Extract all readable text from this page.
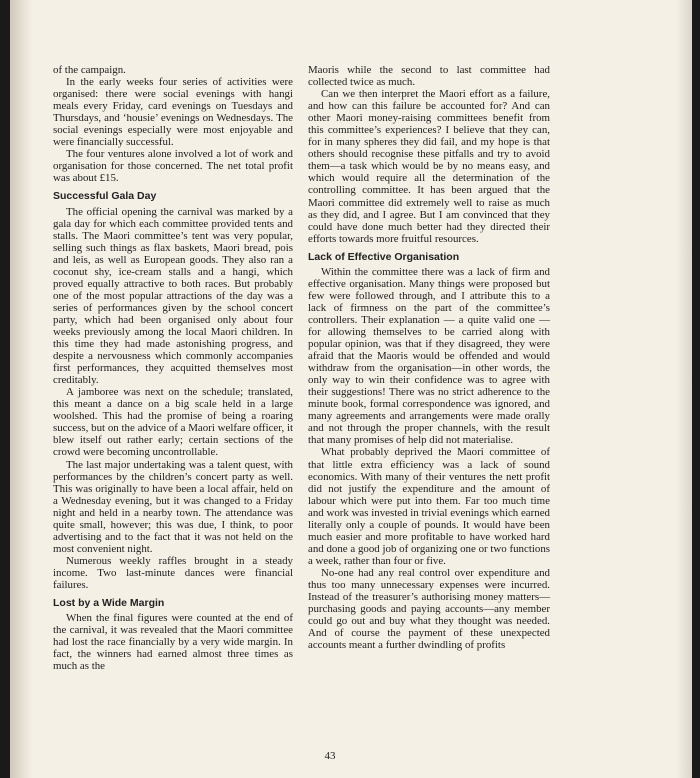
of the campaign.

In the early weeks four series of activities were organised: there were social evenings with hangi meals every Friday, card evenings on Tuesdays and Thursdays, and ‘housie’ evenings on Wednesdays. The social evenings especially were most enjoyable and were financially successful.

The four ventures alone involved a lot of work and organisation for those concerned. The net total profit was about £15.

Successful Gala Day

The official opening the carnival was marked by a gala day for which each committee provided tents and stalls. The Maori committee’s tent was very popular, selling such things as flax baskets, Maori bread, pois and leis, as well as European goods. They also ran a coconut shy, ice-cream stalls and a hangi, which proved equally attractive to both races. But probably one of the most popular attractions of the day was a series of performances given by the school concert party, which had been organised only about four weeks previously among the local Maori children. In this time they had made astonishing progress, and despite a nervousness which commonly accompanies first performances, they acquitted themselves most creditably.

A jamboree was next on the schedule; translated, this meant a dance on a big scale held in a large woolshed. This had the promise of being a roaring success, but on the advice of a Maori welfare officer, it blew itself out rather early; certain sections of the crowd were becoming uncontrollable.

The last major undertaking was a talent quest, with performances by the children’s concert party as well. This was originally to have been a local affair, held on a Wednesday evening, but it was changed to a Friday night and held in a nearby town. The attendance was quite small, however; this was due, I think, to poor advertising and to the fact that it was not held on the most convenient night.

Numerous weekly raffles brought in a steady income. Two last-minute dances were financial failures.

Lost by a Wide Margin

When the final figures were counted at the end of the carnival, it was revealed that the Maori committee had lost the race financially by a very wide margin. In fact, the winners had earned almost three times as much as the

Maoris while the second to last committee had collected twice as much.

Can we then interpret the Maori effort as a failure, and how can this failure be accounted for? And can other Maori money-raising committees benefit from this committee’s experiences? I believe that they can, for in many spheres they did fail, and my hope is that others should recognise these pitfalls and try to avoid them—a task which would be by no means easy, and which would require all the determination of the controlling committee. It has been argued that the Maori committee did extremely well to raise as much as they did, and I agree. But I am convinced that they could have done much better had they directed their efforts towards more fruitful resources.

Lack of Effective Organisation

Within the committee there was a lack of firm and effective organisation. Many things were proposed but few were followed through, and I attribute this to a lack of firmness on the part of the committee’s controllers. Their explanation — a quite valid one — for allowing themselves to be carried along with popular opinion, was that if they disagreed, they were afraid that the Maoris would be offended and would withdraw from the organisation—in other words, the only way to win their confidence was to agree with their suggestions! There was no strict adherence to the minute book, formal correspondence was ignored, and many agreements and arrangements were made orally and not through the proper channels, with the result that many promises of help did not materialise.

What probably deprived the Maori committee of that little extra efficiency was a lack of sound economics. With many of their ventures the nett profit did not justify the expenditure and the amount of labour which were put into them. Far too much time and work was invested in trivial evenings which earned literally only a couple of pounds. It would have been much easier and more profitable to have worked hard and done a good job of organizing one or two functions a week, rather than four or five.

No-one had any real control over expenditure and thus too many unnecessary expenses were incurred. Instead of the treasurer’s authorising money matters—purchasing goods and paying accounts—any member could go out and buy what they thought was needed. And of course the payment of these unexpected accounts meant a further dwindling of profits

43
